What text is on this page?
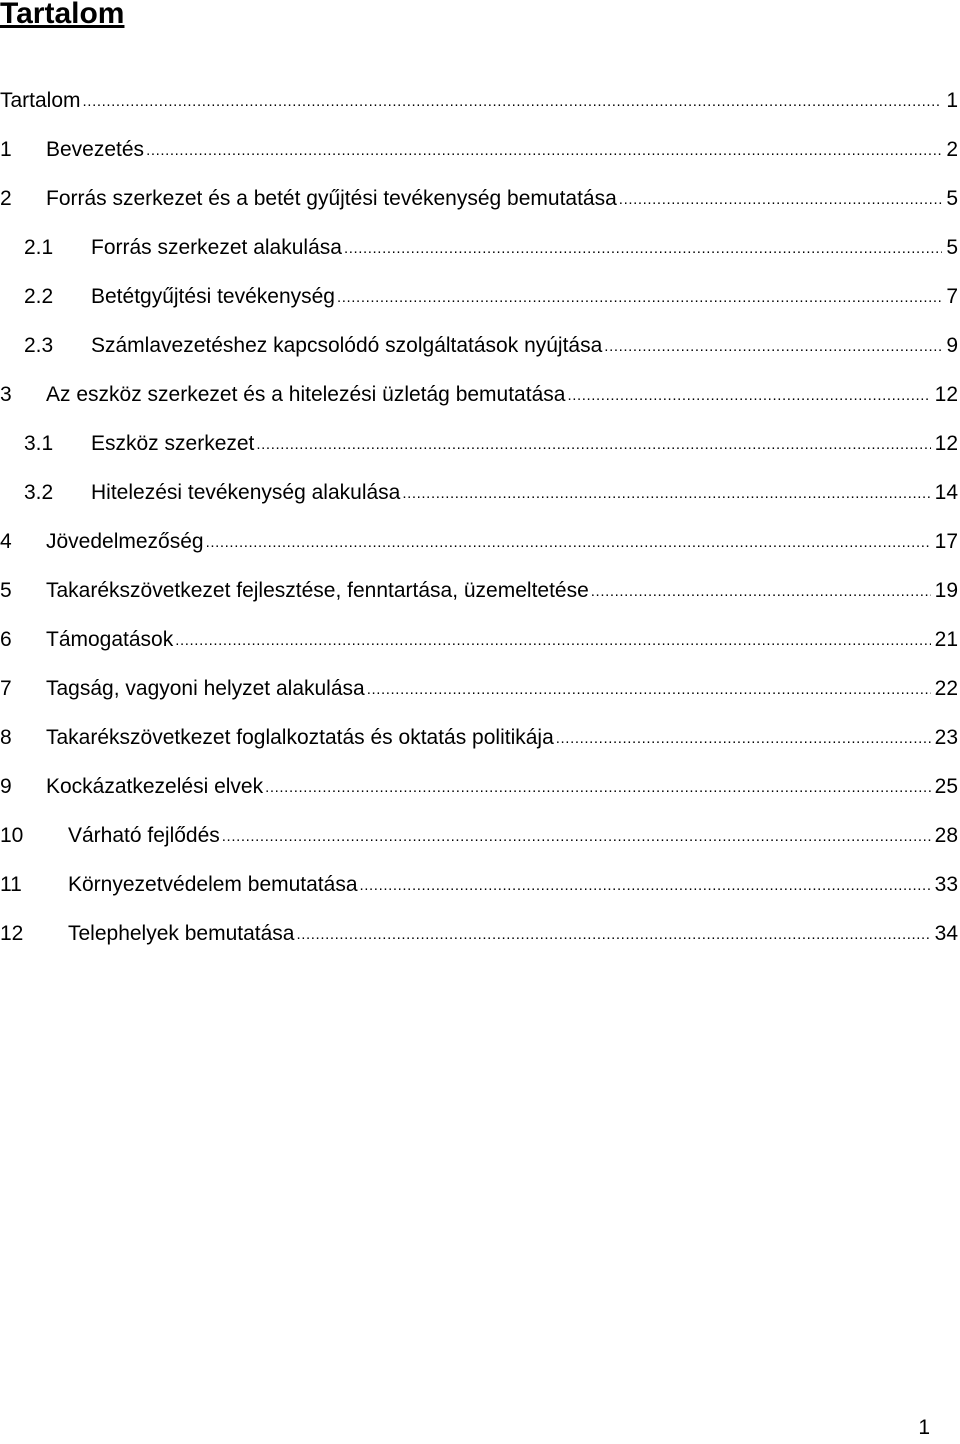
Tartalom
Tartalom .....	1
1	Bevezetés .....	2
2	Forrás szerkezet és a betét gyűjtési tevékenység bemutatása .....	5
2.1	Forrás szerkezet alakulása .....	5
2.2	Betétgyűjtési tevékenység .....	7
2.3	Számlavezetéshez kapcsolódó szolgáltatások nyújtása .....	9
3	Az eszköz szerkezet és a hitelezési üzletág bemutatása .....	12
3.1	Eszköz szerkezet .....	12
3.2	Hitelezési tevékenység alakulása .....	14
4	Jövedelmezőség .....	17
5	Takarékszövetkezet fejlesztése, fenntartása, üzemeltetése .....	19
6	Támogatások .....	21
7	Tagság, vagyoni helyzet alakulása .....	22
8	Takarékszövetkezet foglalkoztatás és oktatás politikája .....	23
9	Kockázatkezelési elvek .....	25
10	Várható fejlődés .....	28
11	Környezetvédelem bemutatása .....	33
12	Telephelyek bemutatása .....	34
1
